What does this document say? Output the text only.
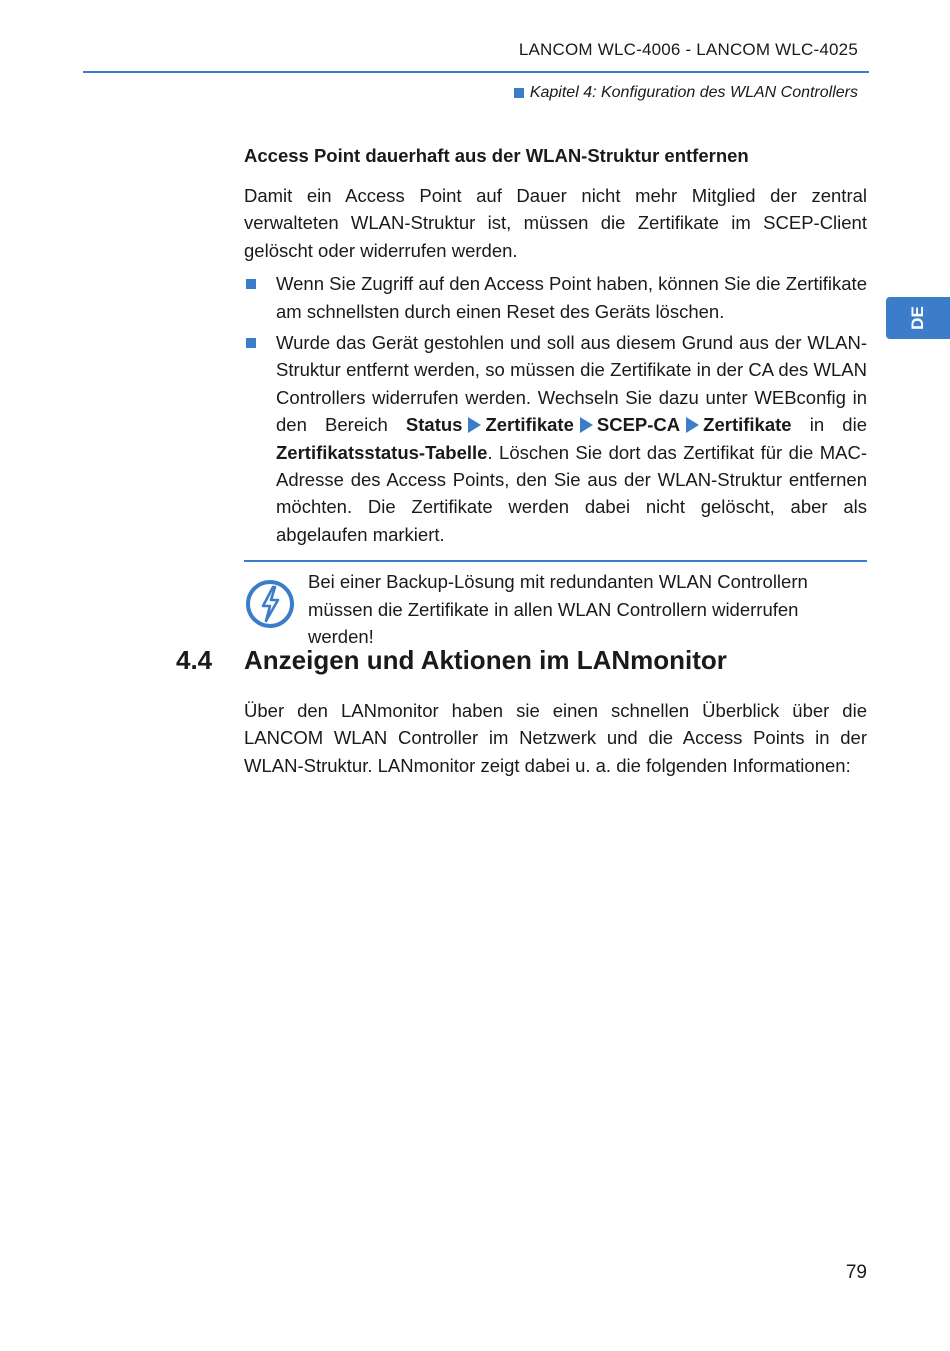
LANCOM WLC-4006 - LANCOM WLC-4025
Kapitel 4: Konfiguration des WLAN Controllers
DE
Access Point dauerhaft aus der WLAN-Struktur entfernen

Damit ein Access Point auf Dauer nicht mehr Mitglied der zentral verwalteten WLAN-Struktur ist, müssen die Zertifikate im SCEP-Client gelöscht oder widerrufen werden.

Wenn Sie Zugriff auf den Access Point haben, können Sie die Zertifikate am schnellsten durch einen Reset des Geräts löschen.
Wurde das Gerät gestohlen und soll aus diesem Grund aus der WLAN-Struktur entfernt werden, so müssen die Zertifikate in der CA des WLAN Controllers widerrufen werden. Wechseln Sie dazu unter WEBconfig in den Bereich Status Zertifikate SCEP-CA Zertifikate in die Zertifikatsstatus-Tabelle. Löschen Sie dort das Zertifikat für die MAC-Adresse des Access Points, den Sie aus der WLAN-Struktur entfernen möchten. Die Zertifikate werden dabei nicht gelöscht, aber als abgelaufen markiert.

Bei einer Backup-Lösung mit redundanten WLAN Controllern müssen die Zertifikate in allen WLAN Controllern widerrufen werden!

4.4	Anzeigen und Aktionen im LANmonitor

Über den LANmonitor haben sie einen schnellen Überblick über die LANCOM WLAN Controller im Netzwerk und die Access Points in der WLAN-Struktur. LANmonitor zeigt dabei u. a. die folgenden Informationen:

79
